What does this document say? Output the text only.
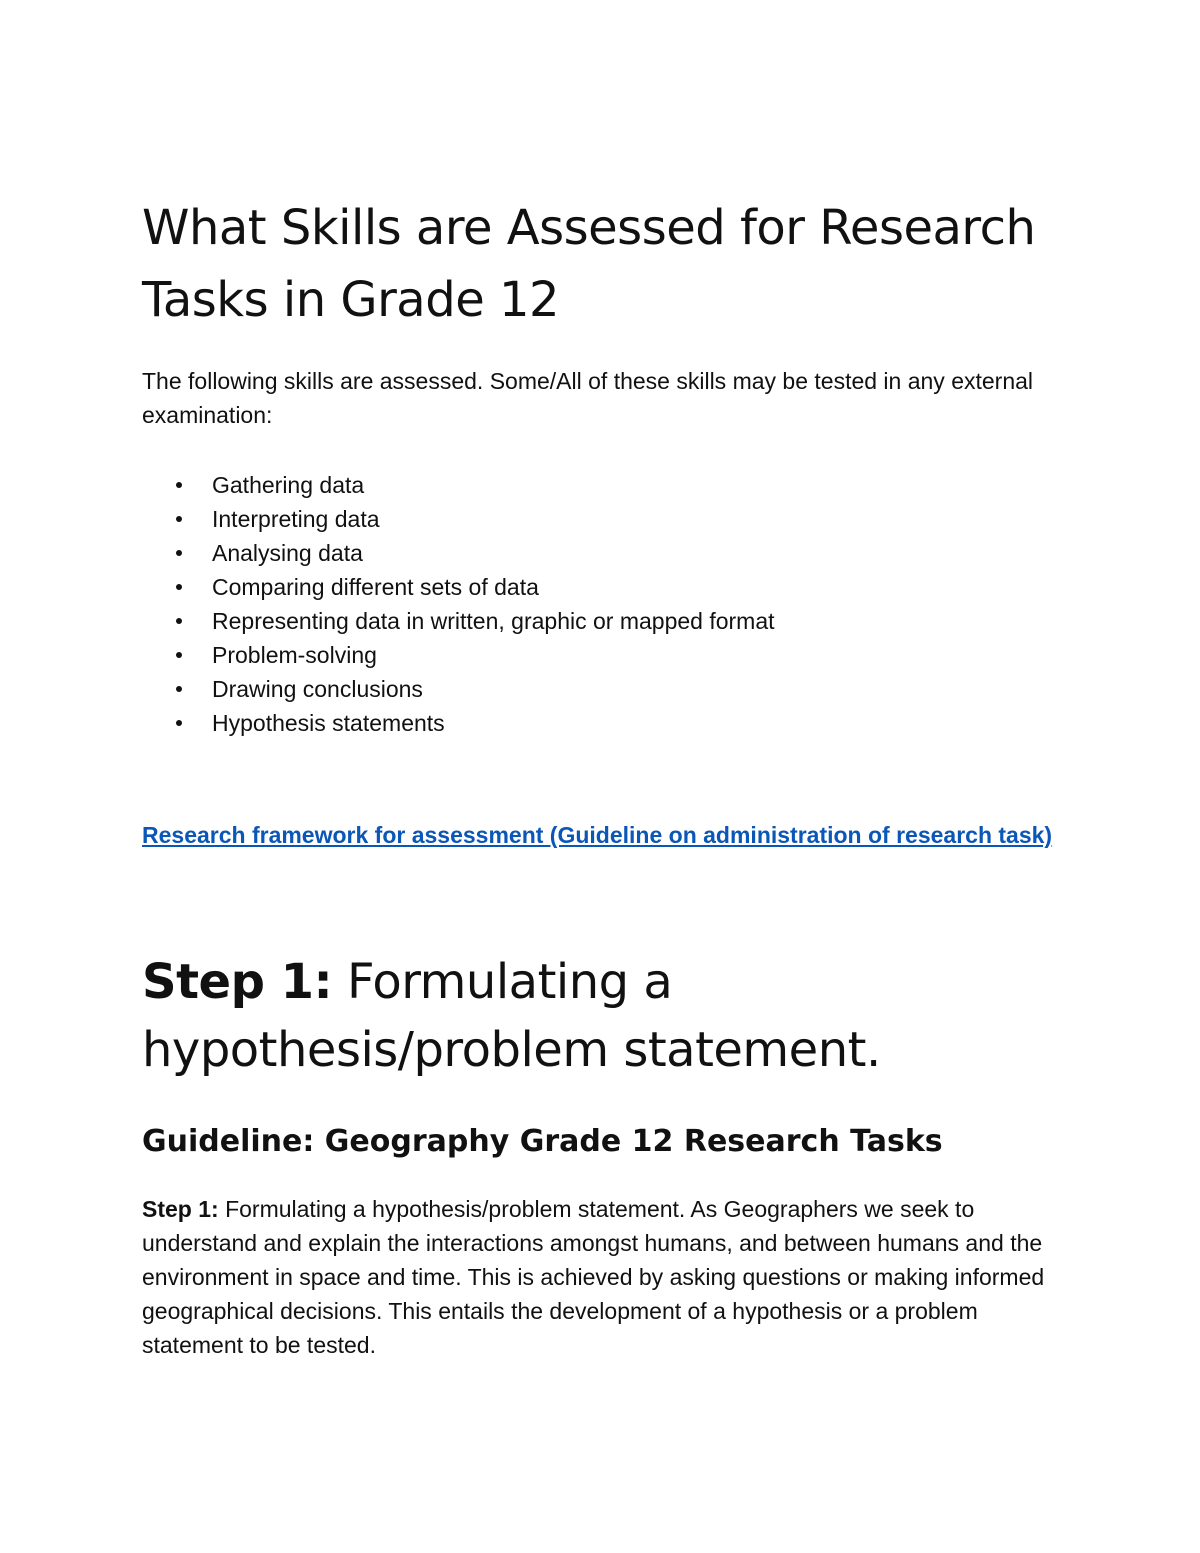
What Skills are Assessed for Research Tasks in Grade 12

The following skills are assessed. Some/All of these skills may be tested in any external examination:

Gathering data
Interpreting data
Analysing data
Comparing different sets of data
Representing data in written, graphic or mapped format
Problem-solving
Drawing conclusions
Hypothesis statements
Research framework for assessment (Guideline on administration of research task)
Step 1: Formulating a hypothesis/problem statement.
Guideline: Geography Grade 12 Research Tasks

Step 1: Formulating a hypothesis/problem statement. As Geographers we seek to understand and explain the interactions amongst humans, and between humans and the environment in space and time. This is achieved by asking questions or making informed geographical decisions. This entails the development of a hypothesis or a problem statement to be tested.
